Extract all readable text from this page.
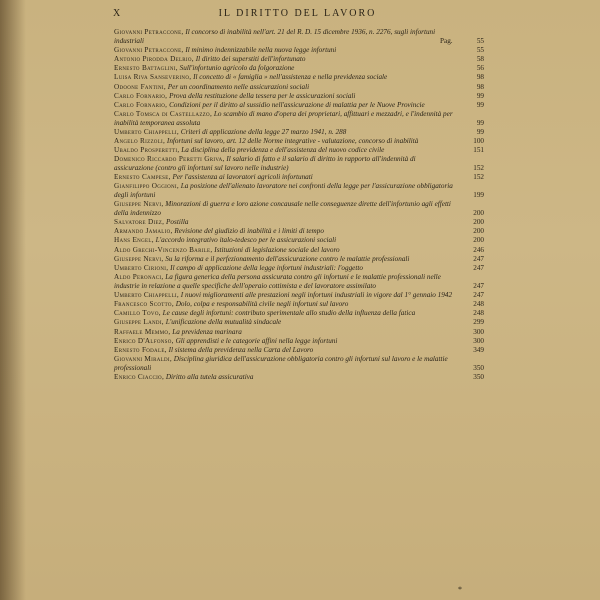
X	IL DIRITTO DEL LAVORO
Giovanni Petraccone, Il concorso di inabilità nell'art. 21 del R. D. 15 dicembre 1936, n. 2276, sugli infortuni industriali	Pag.	55
Giovanni Petraccone, Il minimo indennizzabile nella nuova legge infortuni	55
Antonio Pirodda Delrio, Il diritto dei superstiti dell'infortunato	58
Ernesto Battaglini, Sull'infortunio agricolo da folgorazione	56
Luisa Riva Sanseverino, Il concetto di « famiglia » nell'assistenza e nella previdenza sociale	98
Odoone Fantini, Per un coordinamento nelle assicurazioni sociali	98
Carlo Fornario, Prova della restituzione della tessera per le assicurazioni sociali	99
Carlo Fornario, Condizioni per il diritto al sussidio nell'assicurazione di malattia per le Nuove Provincie	99
Carlo Tomsca di Castellazzo, Lo scambio di mano d'opera dei proprietari, affittuari e mezzadri, e l'indennità per inabilità temporanea assoluta	99
Umberto Chiappelli, Criteri di applicazione della legge 27 marzo 1941, n. 288	99
Angelo Rizzoli, Infortuni sul lavoro, art. 12 delle Norme integrative - valutazione, concorso di inabilità	100
Ubaldo Prosperetti, La disciplina della previdenza e dell'assistenza del nuovo codice civile	151
Domenico Riccardo Peretti Griva, Il salario di fatto e il salario di diritto in rapporto all'indennità di assicurazione (contro gli infortuni sul lavoro nelle industrie)	152
Ernesto Campese, Per l'assistenza ai lavoratori agricoli infortunati	152
Gianfilippo Oggioni, La posizione dell'alienato lavoratore nei confronti della legge per l'assicurazione obbligatoria degli infortuni	199
Giuseppe Nervi, Minorazioni di guerra e loro azione concausale nelle conseguenze dirette dell'infortunio agli effetti della indennizzo	200
Salvatore Diez, Postilla	200
Armando Jamalio, Revisione del giudizio di inabilità e i limiti di tempo	200
Hans Engel, L'accordo integrativo italo-tedesco per le assicurazioni sociali	200
Aldo Grechi-Vincenzo Barile, Istituzioni di legislazione sociale del lavoro	246
Giuseppe Nervi, Su la riforma e il perfezionamento dell'assicurazione contro le malattie professionali	247
Umberto Cirioni, Il campo di applicazione della legge infortuni industriali: l'oggetto	247
Aldo Peronaci, La figura generica della persona assicurata contro gli infortuni e le malattie professionali nelle industrie in relazione a quelle specifiche dell'operaio cottimista e del lavoratore assimilato	247
Umberto Chiappelli, I nuovi miglioramenti alle prestazioni negli infortuni industriali in vigore dal 1° gennaio 1942	247
Francesco Scotto, Dolo, colpa e responsabilità civile negli infortuni sul lavoro	248
Camillo Tovo, Le cause degli infortuni: contributo sperimentale allo studio della influenza della fatica	248
Giuseppe Landi, L'unificazione della mutualità sindacale	299
Raffaele Memmo, La previdenza marinara	300
Enrico D'Alfonso, Gli apprendisti e le categorie affini nella legge infortuni	300
Ernesto Fodale, Il sistema della previdenza nella Carta del Lavoro	349
Giovanni Miraldi, Disciplina giuridica dell'assicurazione obbligatoria contro gli infortuni sul lavoro e le malattie professionali	350
Enrico Ciaccio, Diritto alla tutela assicurativa	350
*
